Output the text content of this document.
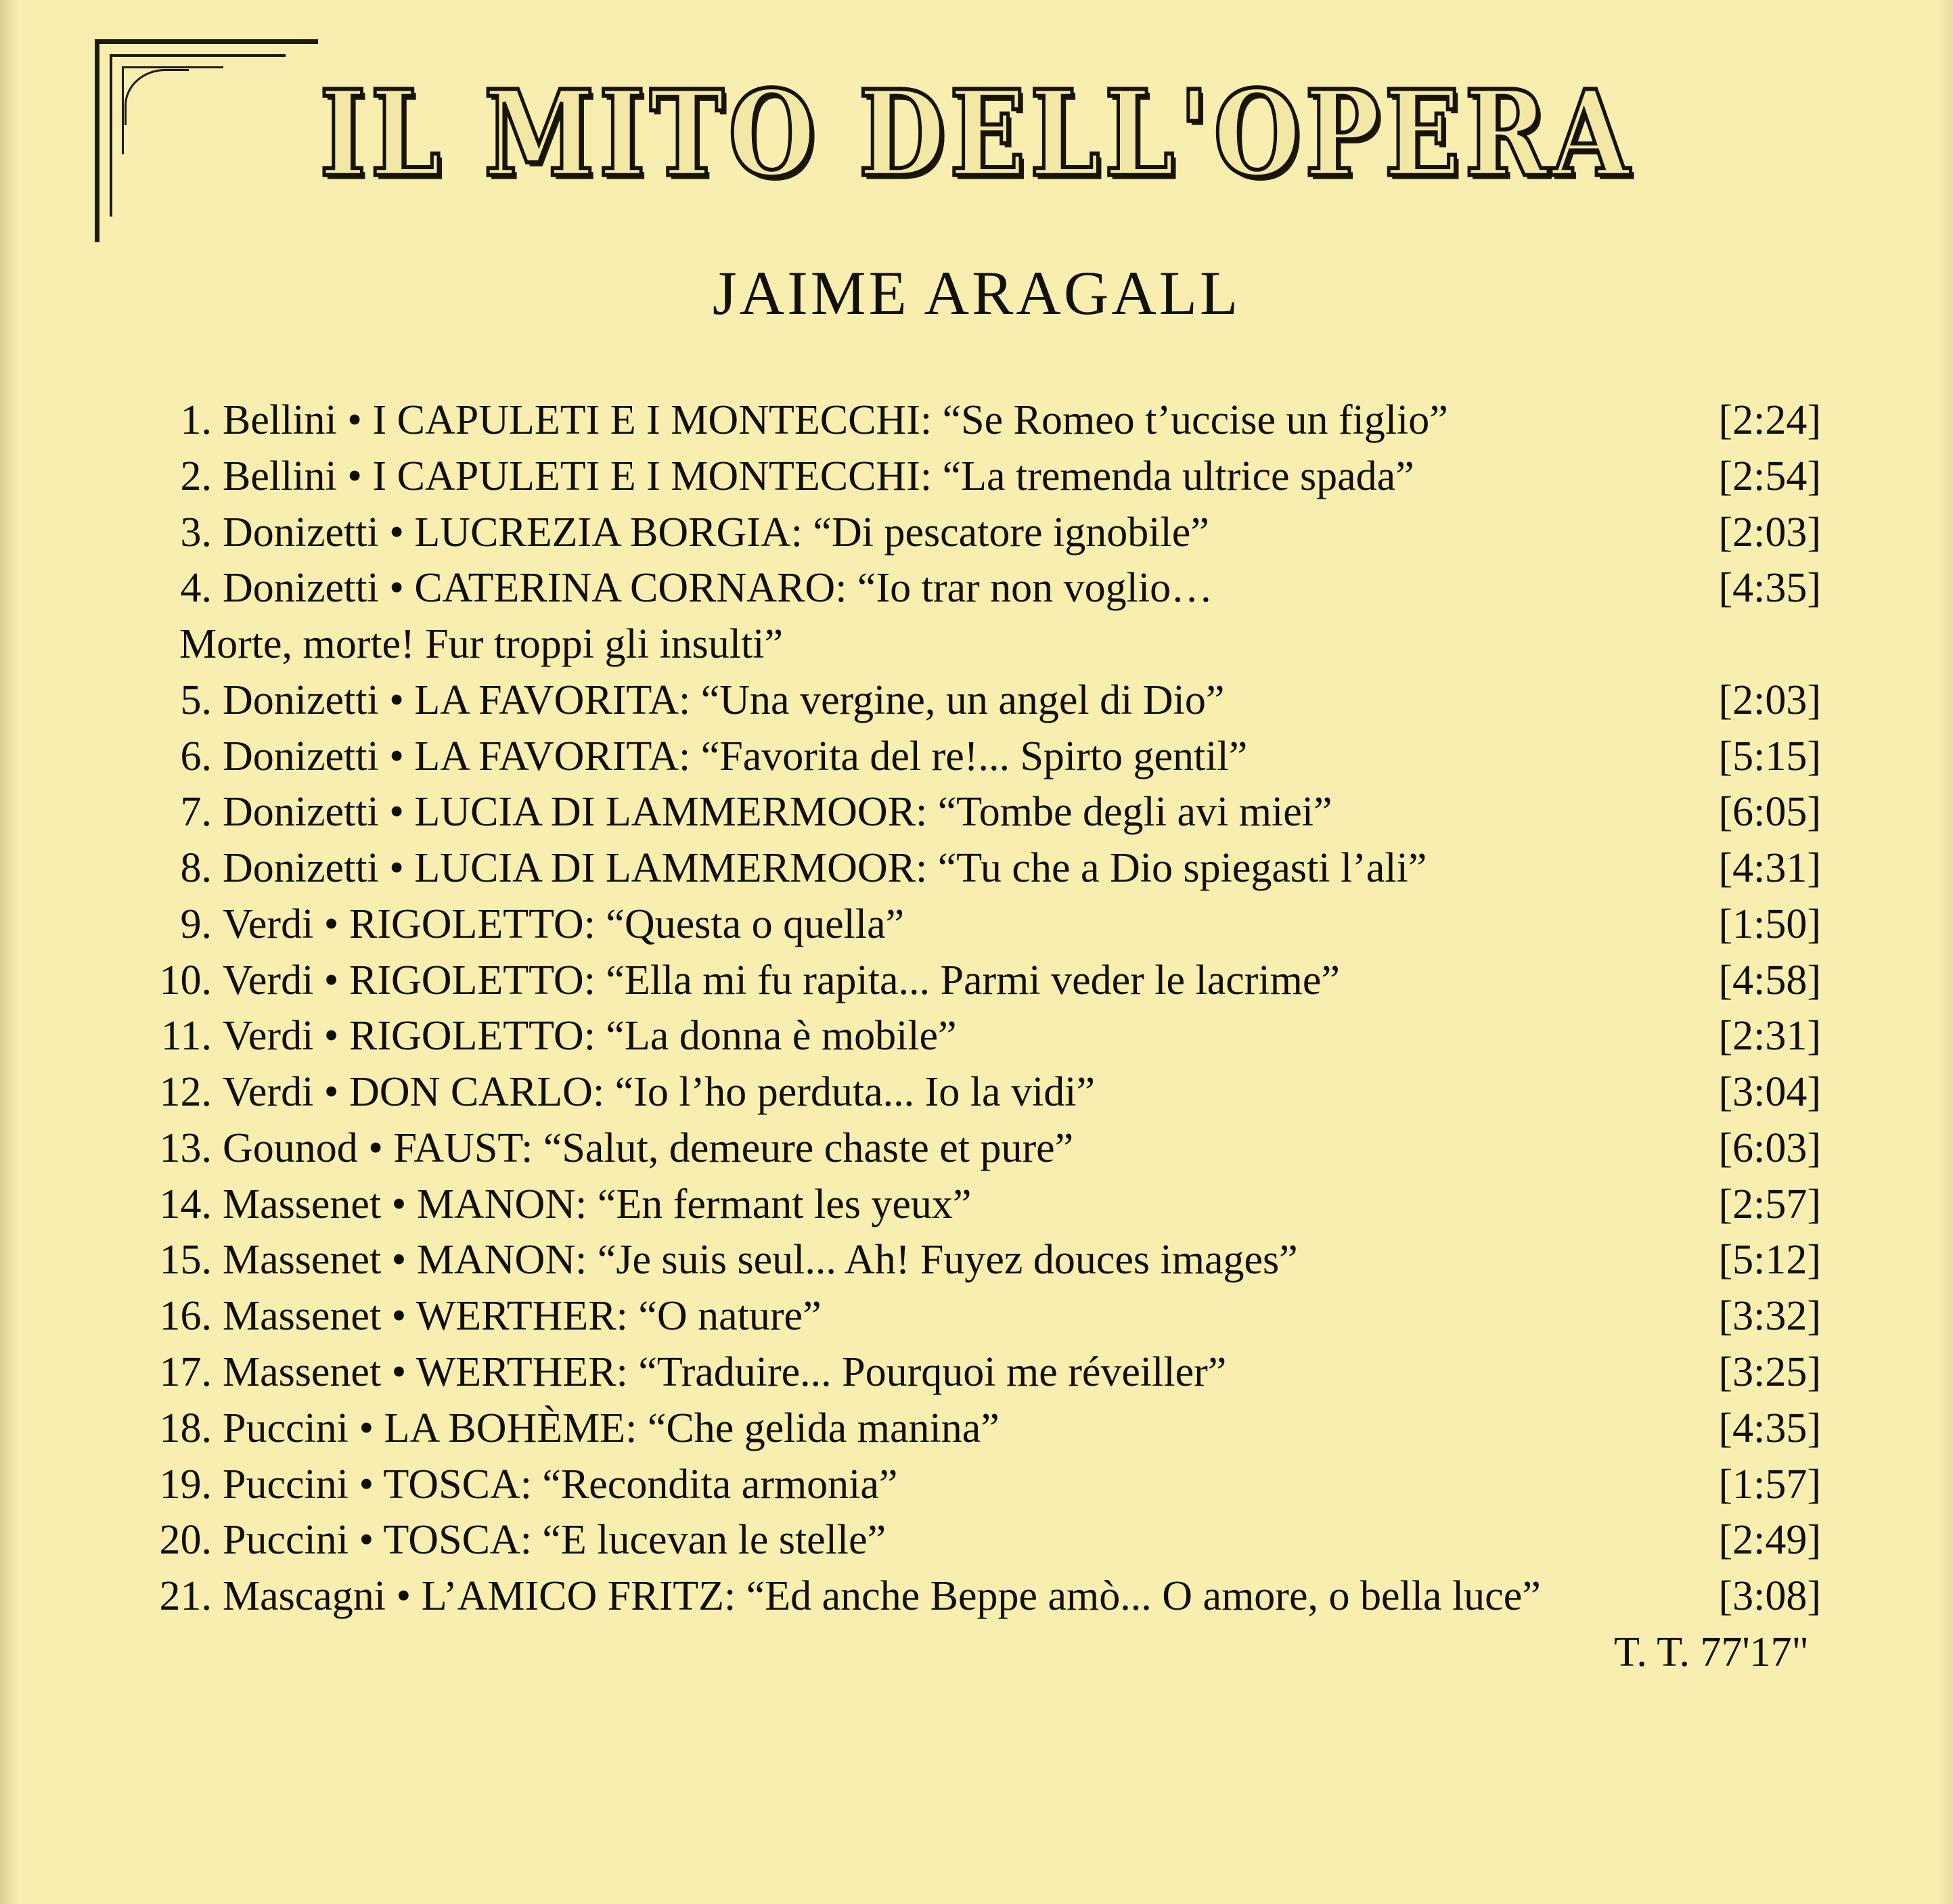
IL MITO DELL'OPERA
JAIME ARAGALL
1. Bellini • I CAPULETI E I MONTECCHI: “Se Romeo t’uccise un figlio”	[2:24]
2. Bellini • I CAPULETI E I MONTECCHI: “La tremenda ultrice spada”	[2:54]
3. Donizetti • LUCREZIA BORGIA: “Di pescatore ignobile”	[2:03]
4. Donizetti • CATERINA CORNARO: “Io trar non voglio…	[4:35]
Morte, morte! Fur troppi gli insulti”
5. Donizetti • LA FAVORITA: “Una vergine, un angel di Dio”	[2:03]
6. Donizetti • LA FAVORITA: “Favorita del re!... Spirto gentil”	[5:15]
7. Donizetti • LUCIA DI LAMMERMOOR: “Tombe degli avi miei”	[6:05]
8. Donizetti • LUCIA DI LAMMERMOOR: “Tu che a Dio spiegasti l’ali”	[4:31]
9. Verdi • RIGOLETTO: “Questa o quella”	[1:50]
10. Verdi • RIGOLETTO: “Ella mi fu rapita... Parmi veder le lacrime”	[4:58]
11. Verdi • RIGOLETTO: “La donna è mobile”	[2:31]
12. Verdi • DON CARLO: “Io l’ho perduta... Io la vidi”	[3:04]
13. Gounod • FAUST: “Salut, demeure chaste et pure”	[6:03]
14. Massenet • MANON: “En fermant les yeux”	[2:57]
15. Massenet • MANON: “Je suis seul... Ah! Fuyez douces images”	[5:12]
16. Massenet • WERTHER: “O nature”	[3:32]
17. Massenet • WERTHER: “Traduire... Pourquoi me réveiller”	[3:25]
18. Puccini • LA BOHÈME: “Che gelida manina”	[4:35]
19. Puccini • TOSCA: “Recondita armonia”	[1:57]
20. Puccini • TOSCA: “E lucevan le stelle”	[2:49]
21. Mascagni • L’AMICO FRITZ: “Ed anche Beppe amò... O amore, o bella luce”	[3:08]
T. T. 77'17"
